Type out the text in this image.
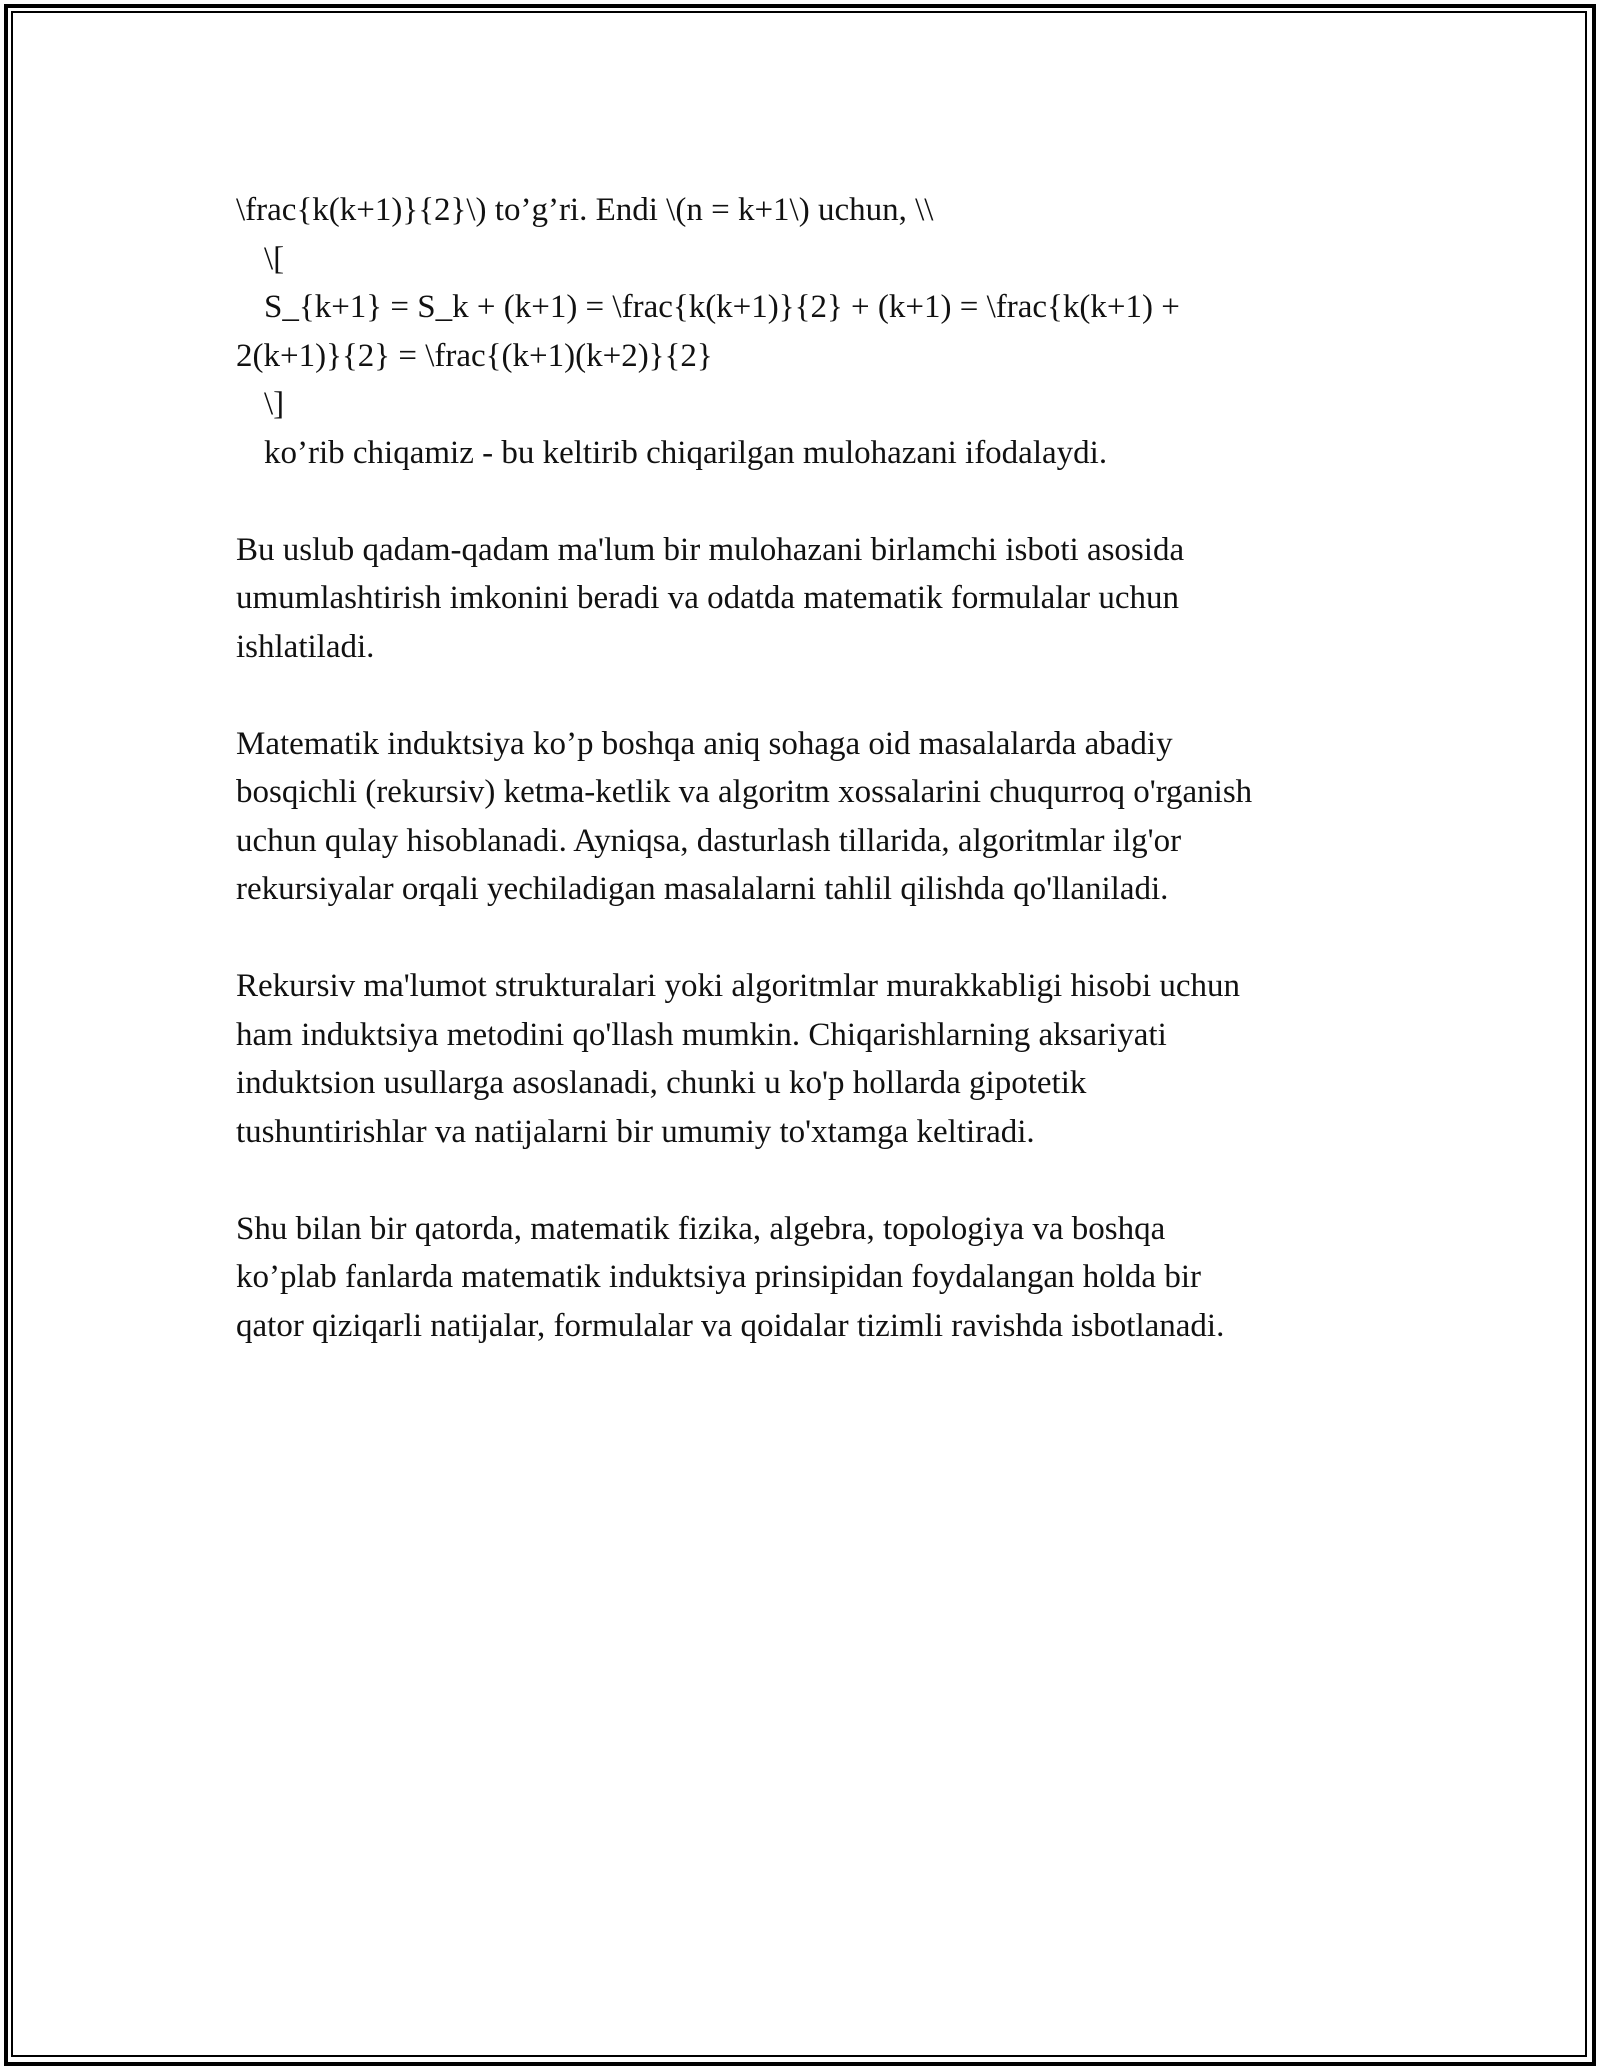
\frac{k(k+1)}{2}\) to’g’ri. Endi \(n = k+1\) uchun, \\
\[
S_{k+1} = S_k + (k+1) = \frac{k(k+1)}{2} + (k+1) = \frac{k(k+1) +
2(k+1)}{2} = \frac{(k+1)(k+2)}{2}
\]
ko’rib chiqamiz - bu keltirib chiqarilgan mulohazani ifodalaydi.
Bu uslub qadam-qadam ma'lum bir mulohazani birlamchi isboti asosida
umumlashtirish imkonini beradi va odatda matematik formulalar uchun
ishlatiladi.
Matematik induktsiya ko’p boshqa aniq sohaga oid masalalarda abadiy
bosqichli (rekursiv) ketma-ketlik va algoritm xossalarini chuqurroq o'rganish
uchun qulay hisoblanadi. Ayniqsa, dasturlash tillarida, algoritmlar ilg'or
rekursiyalar orqali yechiladigan masalalarni tahlil qilishda qo'llaniladi.
Rekursiv ma'lumot strukturalari yoki algoritmlar murakkabligi hisobi uchun
ham induktsiya metodini qo'llash mumkin. Chiqarishlarning aksariyati
induktsion usullarga asoslanadi, chunki u ko'p hollarda gipotetik
tushuntirishlar va natijalarni bir umumiy to'xtamga keltiradi.
Shu bilan bir qatorda, matematik fizika, algebra, topologiya va boshqa
ko’plab fanlarda matematik induktsiya prinsipidan foydalangan holda bir
qator qiziqarli natijalar, formulalar va qoidalar tizimli ravishda isbotlanadi.
